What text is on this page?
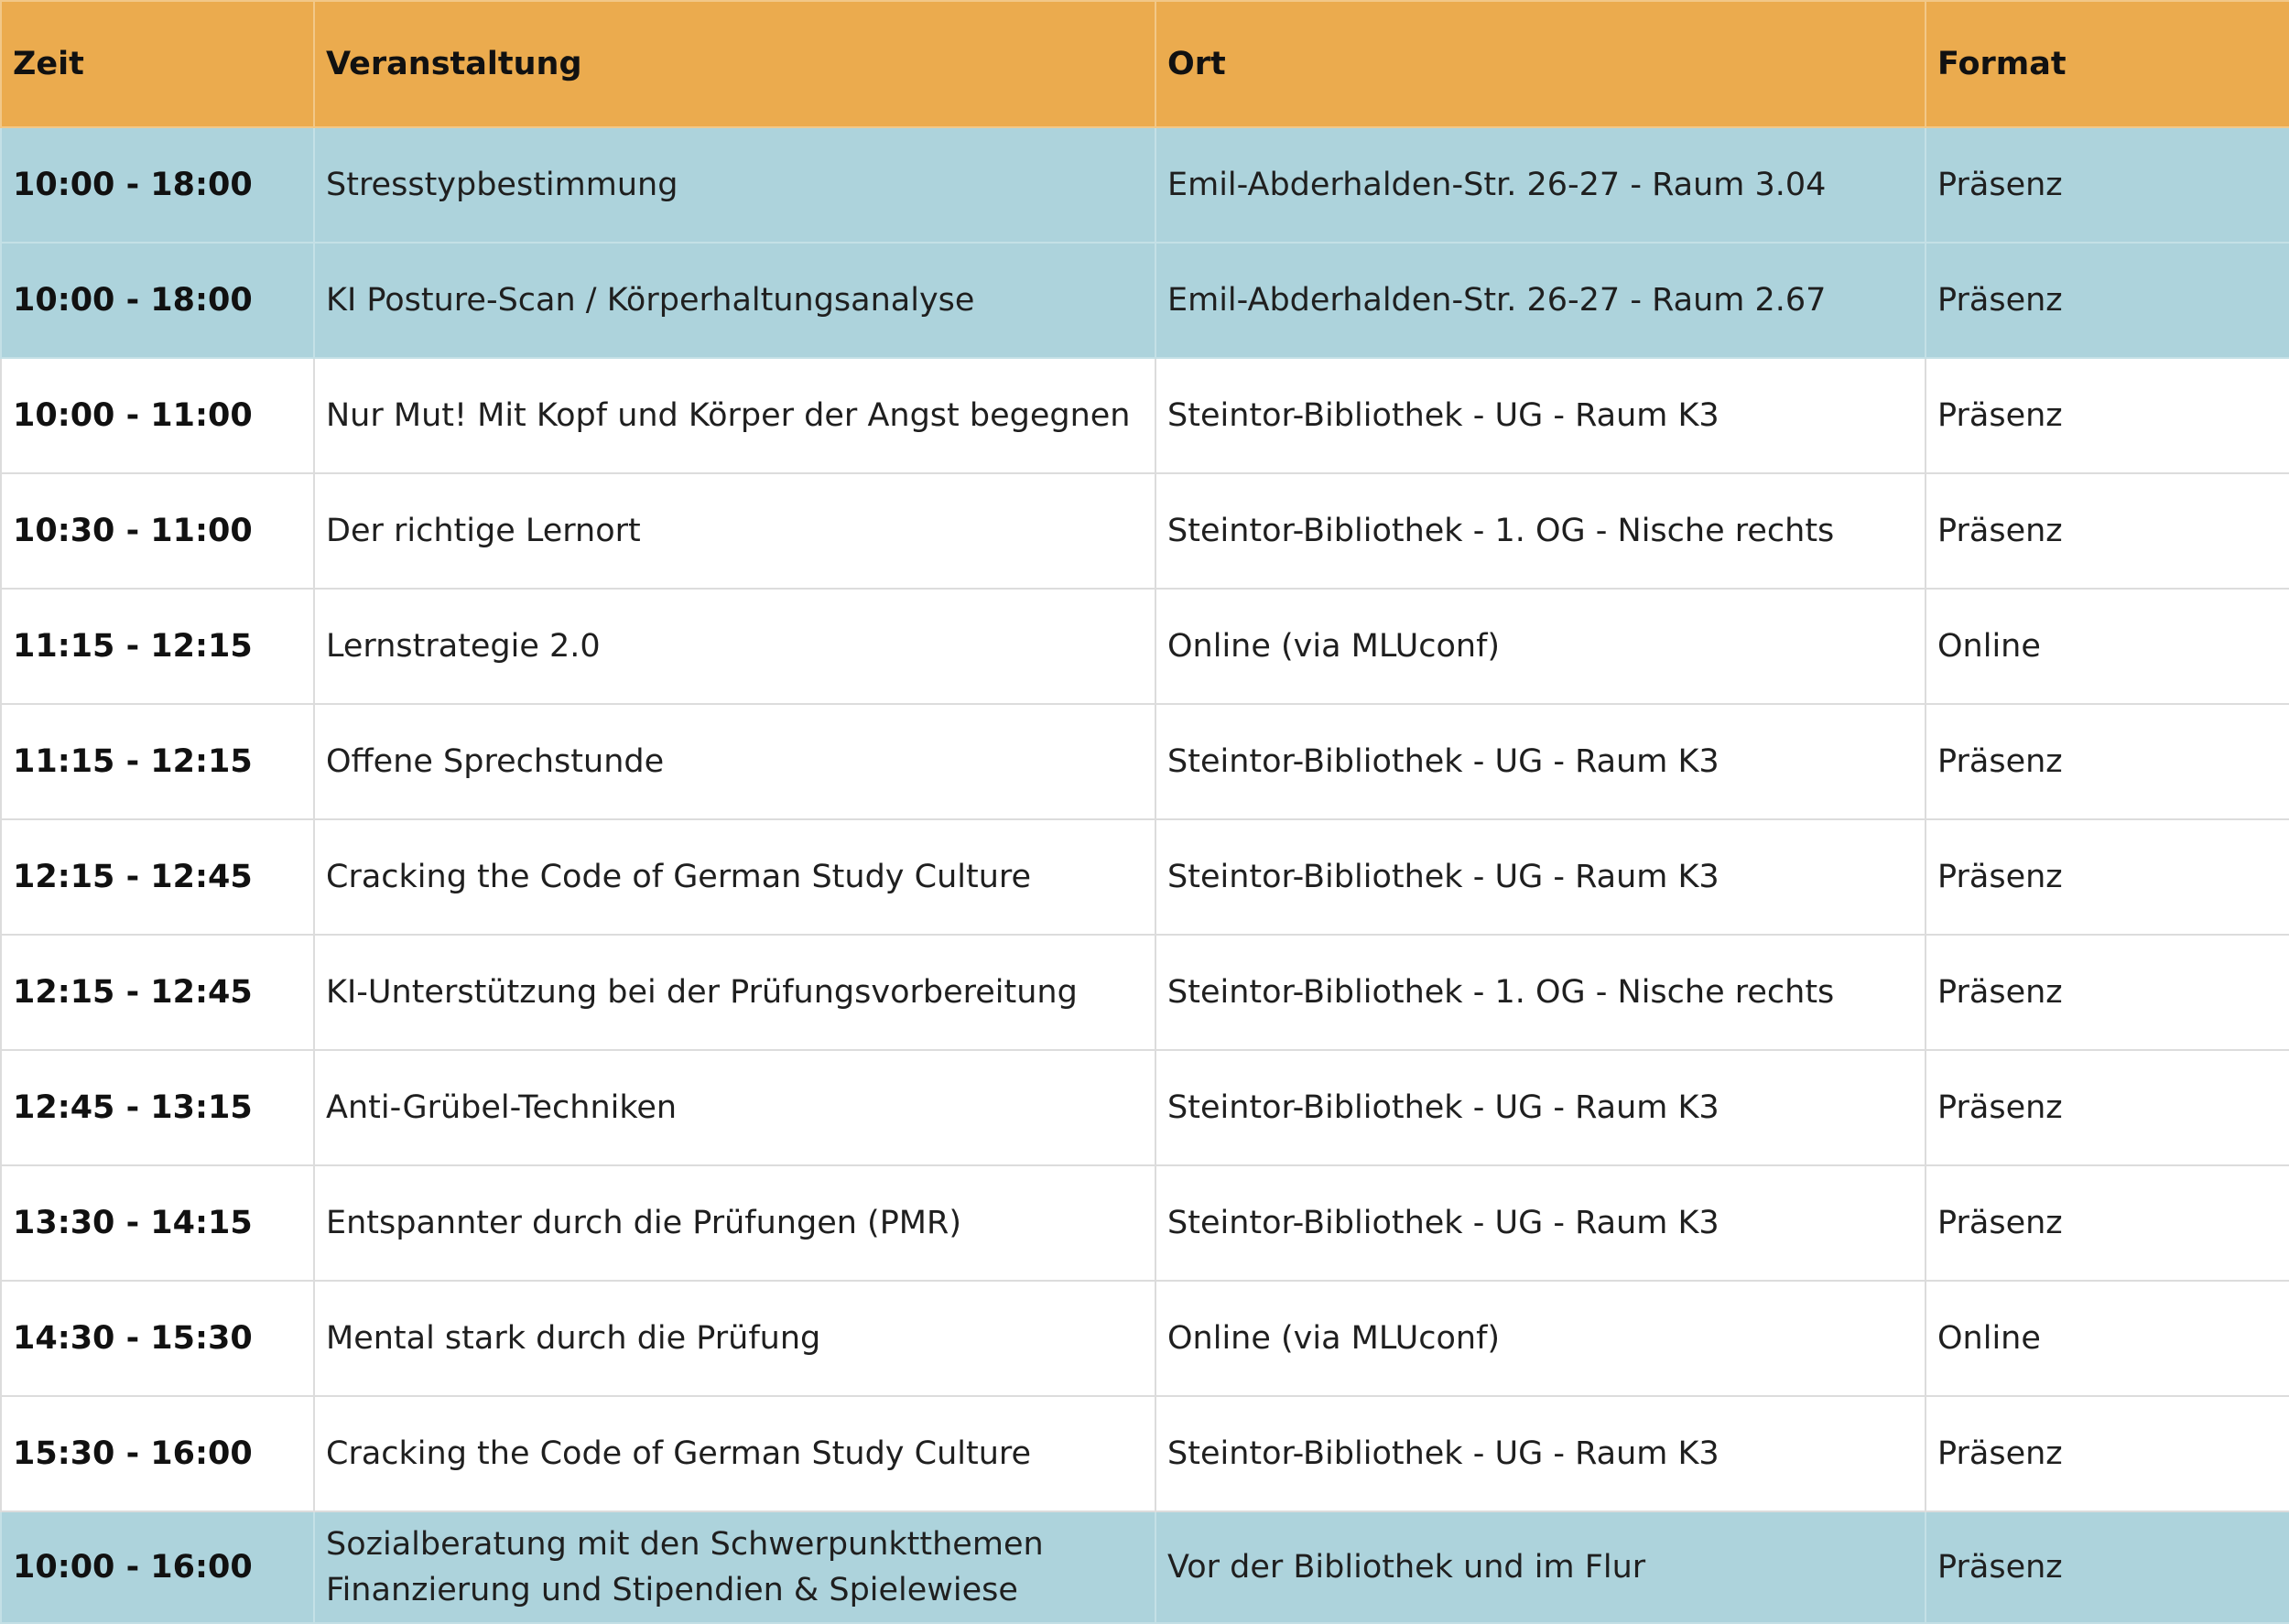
Zeit	Veranstaltung	Ort	Format
10:00 - 18:00	Stresstypbestimmung	Emil-Abderhalden-Str. 26-27 - Raum 3.04	Präsenz
10:00 - 18:00	KI Posture-Scan / Körperhaltungsanalyse	Emil-Abderhalden-Str. 26-27 - Raum 2.67	Präsenz
10:00 - 11:00	Nur Mut! Mit Kopf und Körper der Angst begegnen	Steintor-Bibliothek - UG - Raum K3	Präsenz
10:30 - 11:00	Der richtige Lernort	Steintor-Bibliothek - 1. OG - Nische rechts	Präsenz
11:15 - 12:15	Lernstrategie 2.0	Online (via MLUconf)	Online
11:15 - 12:15	Offene Sprechstunde	Steintor-Bibliothek - UG - Raum K3	Präsenz
12:15 - 12:45	Cracking the Code of German Study Culture	Steintor-Bibliothek - UG - Raum K3	Präsenz
12:15 - 12:45	KI-Unterstützung bei der Prüfungsvorbereitung	Steintor-Bibliothek - 1. OG - Nische rechts	Präsenz
12:45 - 13:15	Anti-Grübel-Techniken	Steintor-Bibliothek - UG - Raum K3	Präsenz
13:30 - 14:15	Entspannter durch die Prüfungen (PMR)	Steintor-Bibliothek - UG - Raum K3	Präsenz
14:30 - 15:30	Mental stark durch die Prüfung	Online (via MLUconf)	Online
15:30 - 16:00	Cracking the Code of German Study Culture	Steintor-Bibliothek - UG - Raum K3	Präsenz
10:00 - 16:00	Sozialberatung mit den Schwerpunktthemen Finanzierung und Stipendien & Spielewiese	Vor der Bibliothek und im Flur	Präsenz
